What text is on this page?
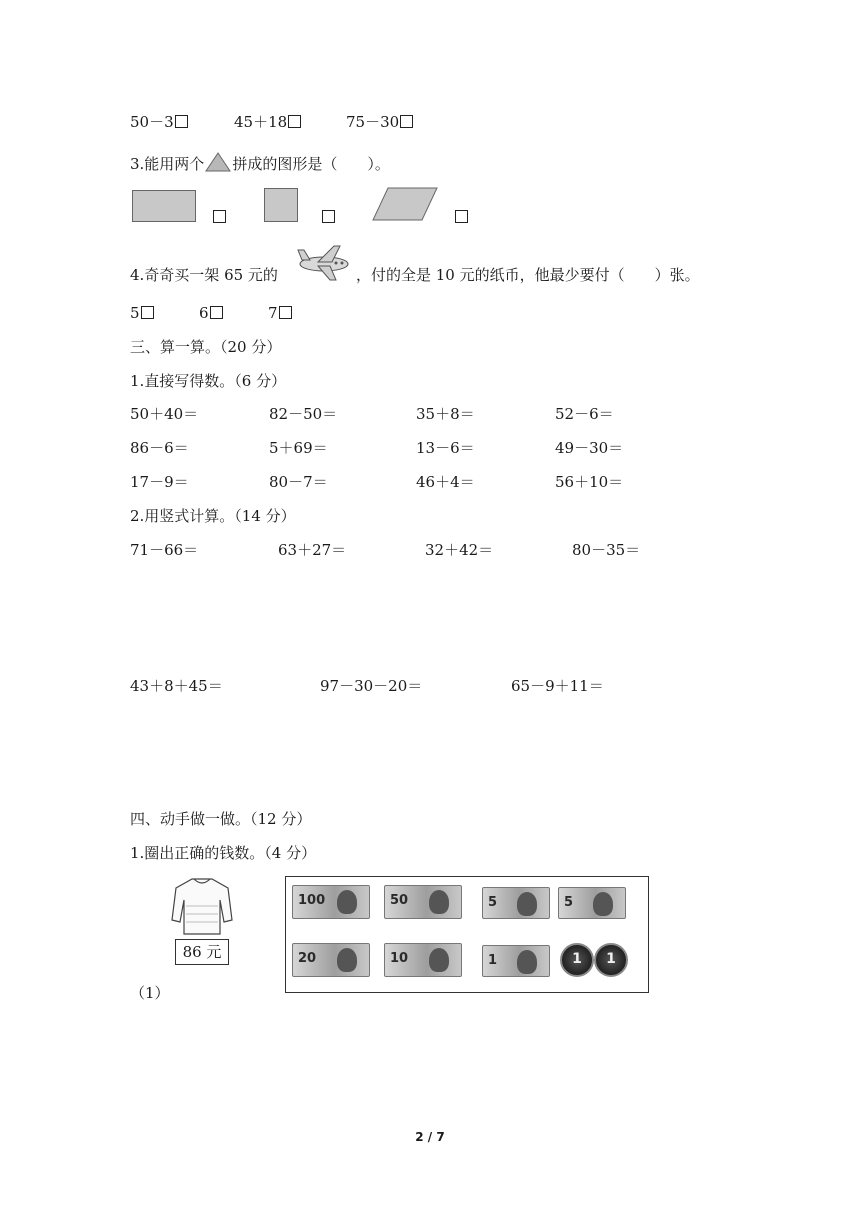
50－3	45＋18	75－30
3.能用两个 拼成的图形是（　　）。
4.奇奇买一架 65 元的	，付的全是 10 元的纸币，他最少要付（　　）张。
5	6	7
三、算一算。（20 分）
1.直接写得数。（6 分）
50＋40＝	82－50＝	35＋8＝	52－6＝
86－6＝	5＋69＝	13－6＝	49－30＝
17－9＝	80－7＝	46＋4＝	56＋10＝
2.用竖式计算。（14 分）
71－66＝	63＋27＝	32＋42＝	80－35＝
43＋8＋45＝	97－30－20＝	65－9＋11＝
四、动手做一做。（12 分）
1.圈出正确的钱数。（4 分）
86 元
（1）
100	50	5	5
20	10	1	1	1
2 / 7
